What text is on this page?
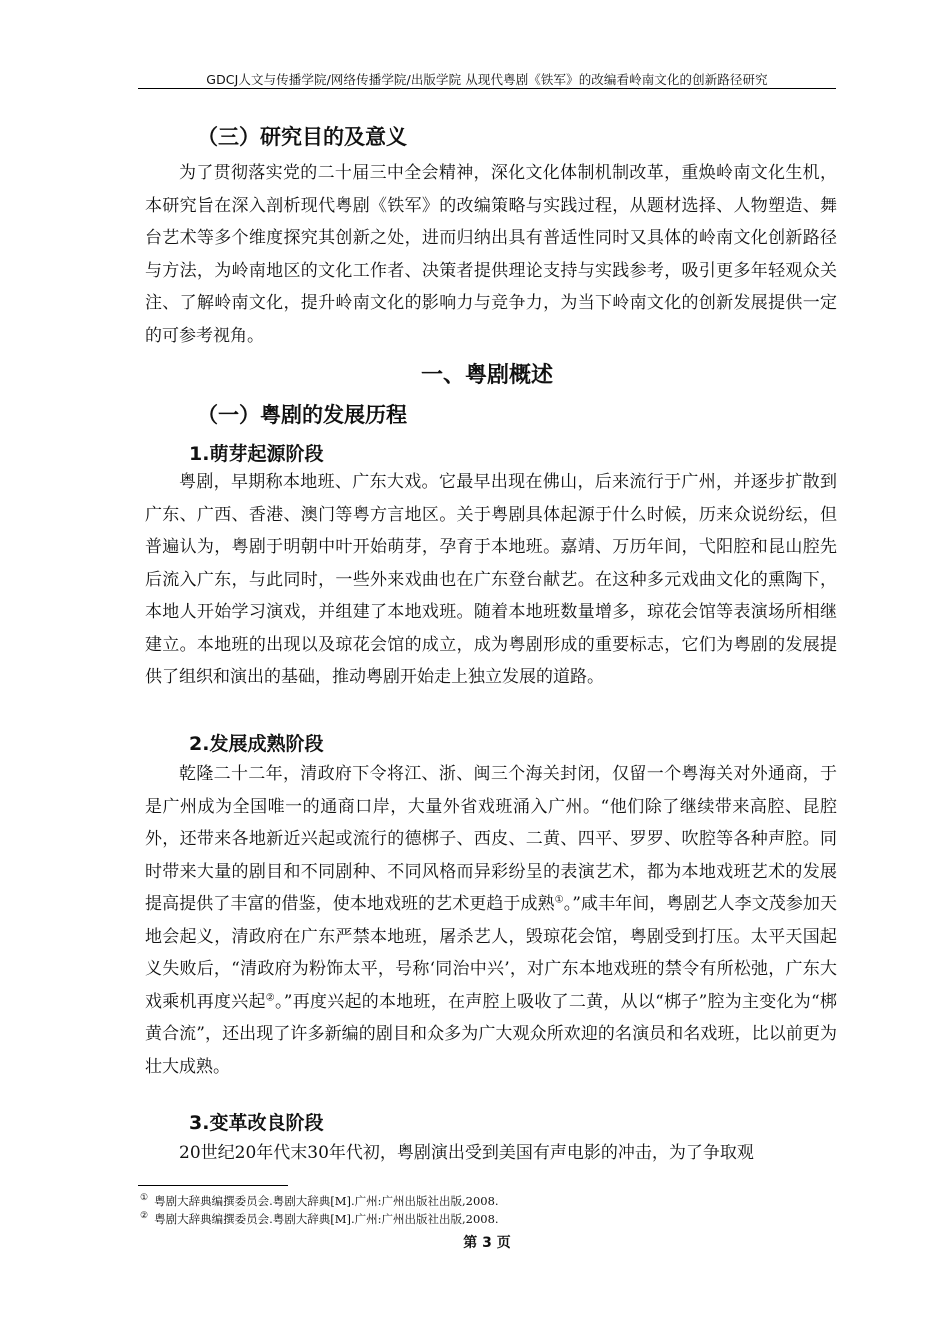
GDCJ人文与传播学院/网络传播学院/出版学院 从现代粤剧《铁军》的改编看岭南文化的创新路径研究
（三）研究目的及意义

为了贯彻落实党的二十届三中全会精神，深化文化体制机制改革，重焕岭南文化生机，本研究旨在深入剖析现代粤剧《铁军》的改编策略与实践过程，从题材选择、人物塑造、舞台艺术等多个维度探究其创新之处，进而归纳出具有普适性同时又具体的岭南文化创新路径与方法，为岭南地区的文化工作者、决策者提供理论支持与实践参考，吸引更多年轻观众关注、了解岭南文化，提升岭南文化的影响力与竞争力，为当下岭南文化的创新发展提供一定的可参考视角。

一、粤剧概述
（一）粤剧的发展历程
1.萌芽起源阶段

粤剧，早期称本地班、广东大戏。它最早出现在佛山，后来流行于广州，并逐步扩散到广东、广西、香港、澳门等粤方言地区。关于粤剧具体起源于什么时候，历来众说纷纭，但普遍认为，粤剧于明朝中叶开始萌芽，孕育于本地班。嘉靖、万历年间，弋阳腔和昆山腔先后流入广东，与此同时，一些外来戏曲也在广东登台献艺。在这种多元戏曲文化的熏陶下，本地人开始学习演戏，并组建了本地戏班。随着本地班数量增多，琼花会馆等表演场所相继建立。本地班的出现以及琼花会馆的成立，成为粤剧形成的重要标志，它们为粤剧的发展提供了组织和演出的基础，推动粤剧开始走上独立发展的道路。

2.发展成熟阶段

乾隆二十二年，清政府下令将江、浙、闽三个海关封闭，仅留一个粤海关对外通商，于是广州成为全国唯一的通商口岸，大量外省戏班涌入广州。“他们除了继续带来高腔、昆腔外，还带来各地新近兴起或流行的德梆子、西皮、二黄、四平、罗罗、吹腔等各种声腔。同时带来大量的剧目和不同剧种、不同风格而异彩纷呈的表演艺术，都为本地戏班艺术的发展提高提供了丰富的借鉴，使本地戏班的艺术更趋于成熟①。”咸丰年间，粤剧艺人李文茂参加天地会起义，清政府在广东严禁本地班，屠杀艺人，毁琼花会馆，粤剧受到打压。太平天国起义失败后，“清政府为粉饰太平，号称‘同治中兴’，对广东本地戏班的禁令有所松弛，广东大戏乘机再度兴起②。”再度兴起的本地班，在声腔上吸收了二黄，从以“梆子”腔为主变化为“梆黄合流”，还出现了许多新编的剧目和众多为广大观众所欢迎的名演员和名戏班，比以前更为壮大成熟。

3.变革改良阶段

20世纪20年代末30年代初，粤剧演出受到美国有声电影的冲击，为了争取观

① 粤剧大辞典编撰委员会.粤剧大辞典[M].广州:广州出版社出版,2008.
② 粤剧大辞典编撰委员会.粤剧大辞典[M].广州:广州出版社出版,2008.
第 3 页
